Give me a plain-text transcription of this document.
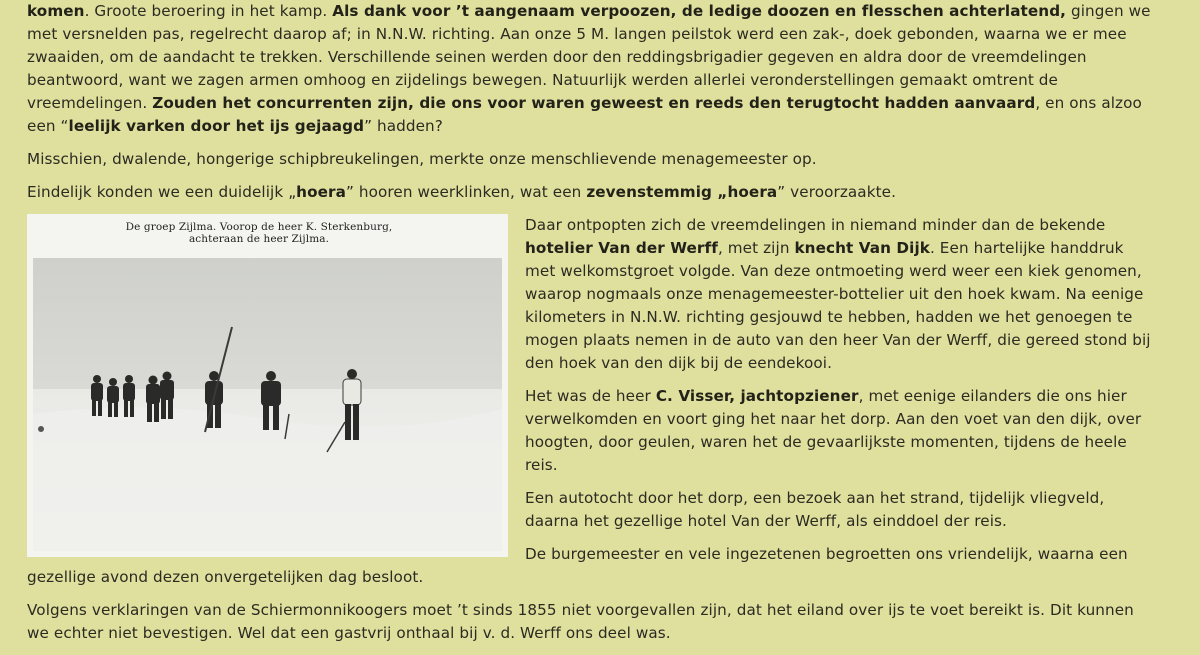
komen. Groote beroering in het kamp. Als dank voor ’t aangenaam verpoozen, de ledige doozen en flesschen achterlatend, gingen we met versnelden pas, regelrecht daarop af; in N.N.W. richting. Aan onze 5 M. langen peilstok werd een zak-, doek gebonden, waarna we er mee zwaaiden, om de aandacht te trekken. Verschillende seinen werden door den reddingsbrigadier gegeven en aldra door de vreemdelingen beantwoord, want we zagen armen omhoog en zijdelings bewegen. Natuurlijk werden allerlei veronderstellingen gemaakt omtrent de vreemdelingen. Zouden het concurrenten zijn, die ons voor waren geweest en reeds den terugtocht hadden aanvaard, en ons alzoo een “leelijk varken door het ijs gejaagd” hadden?

Misschien, dwalende, hongerige schipbreukelingen, merkte onze menschlievende menagemeester op.

Eindelijk konden we een duidelijk „hoera” hooren weerklinken, wat een zevenstemmig „hoera” veroorzaakte.

De groep Zijlma. Voorop de heer K. Sterkenburg,
achteraan de heer Zijlma.

Daar ontpopten zich de vreemdelingen in niemand minder dan de bekende hotelier Van der Werff, met zijn knecht Van Dijk. Een hartelijke handdruk met welkomstgroet volgde. Van deze ontmoeting werd weer een kiek genomen, waarop nogmaals onze menagemeester-bottelier uit den hoek kwam. Na eenige kilometers in N.N.W. richting gesjouwd te hebben, hadden we het genoegen te mogen plaats nemen in de auto van den heer Van der Werff, die gereed stond bij den hoek van den dijk bij de eendekooi.

Het was de heer C. Visser, jachtopziener, met eenige eilanders die ons hier verwelkomden en voort ging het naar het dorp. Aan den voet van den dijk, over hoogten, door geulen, waren het de gevaarlijkste momenten, tijdens de heele reis.

Een autotocht door het dorp, een bezoek aan het strand, tijdelijk vliegveld, daarna het gezellige hotel Van der Werff, als einddoel der reis.

De burgemeester en vele ingezetenen begroetten ons vriendelijk, waarna een gezellige avond dezen onvergetelijken dag besloot.

Volgens verklaringen van de Schiermonnikoogers moet ’t sinds 1855 niet voorgevallen zijn, dat het eiland over ijs te voet bereikt is. Dit kunnen we echter niet bevestigen. Wel dat een gastvrij onthaal bij v. d. Werff ons deel was.
